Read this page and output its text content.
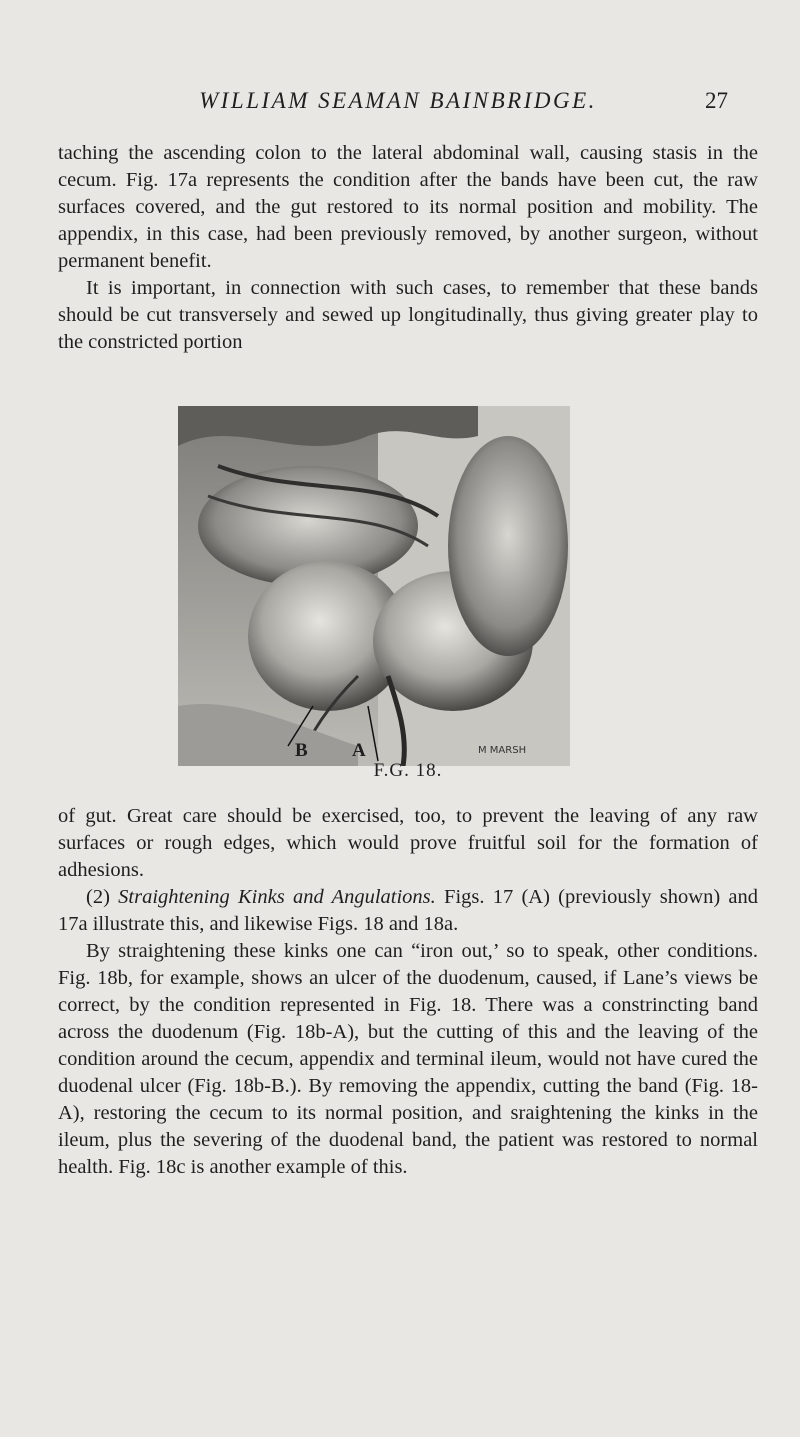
WILLIAM SEAMAN BAINBRIDGE.	27

taching the ascending colon to the lateral abdominal wall, causing stasis in the cecum. Fig. 17a represents the condition after the bands have been cut, the raw surfaces covered, and the gut restored to its normal position and mobility. The appendix, in this case, had been previously removed, by another surgeon, without permanent benefit.

It is important, in connection with such cases, to remember that these bands should be cut transversely and sewed up longitudinally, thus giving greater play to the constricted portion

M MARSH
B A
F.G. 18.

of gut. Great care should be exercised, too, to prevent the leaving of any raw surfaces or rough edges, which would prove fruitful soil for the formation of adhesions.

(2) Straightening Kinks and Angulations. Figs. 17 (A) (previously shown) and 17a illustrate this, and likewise Figs. 18 and 18a.

By straightening these kinks one can “iron out,’ so to speak, other conditions. Fig. 18b, for example, shows an ulcer of the duodenum, caused, if Lane’s views be correct, by the condition represented in Fig. 18. There was a constrincting band across the duodenum (Fig. 18b-A), but the cutting of this and the leaving of the condition around the cecum, appendix and terminal ileum, would not have cured the duodenal ulcer (Fig. 18b-B.). By removing the appendix, cutting the band (Fig. 18-A), restoring the cecum to its normal position, and sraightening the kinks in the ileum, plus the severing of the duodenal band, the patient was restored to normal health. Fig. 18c is another example of this.
